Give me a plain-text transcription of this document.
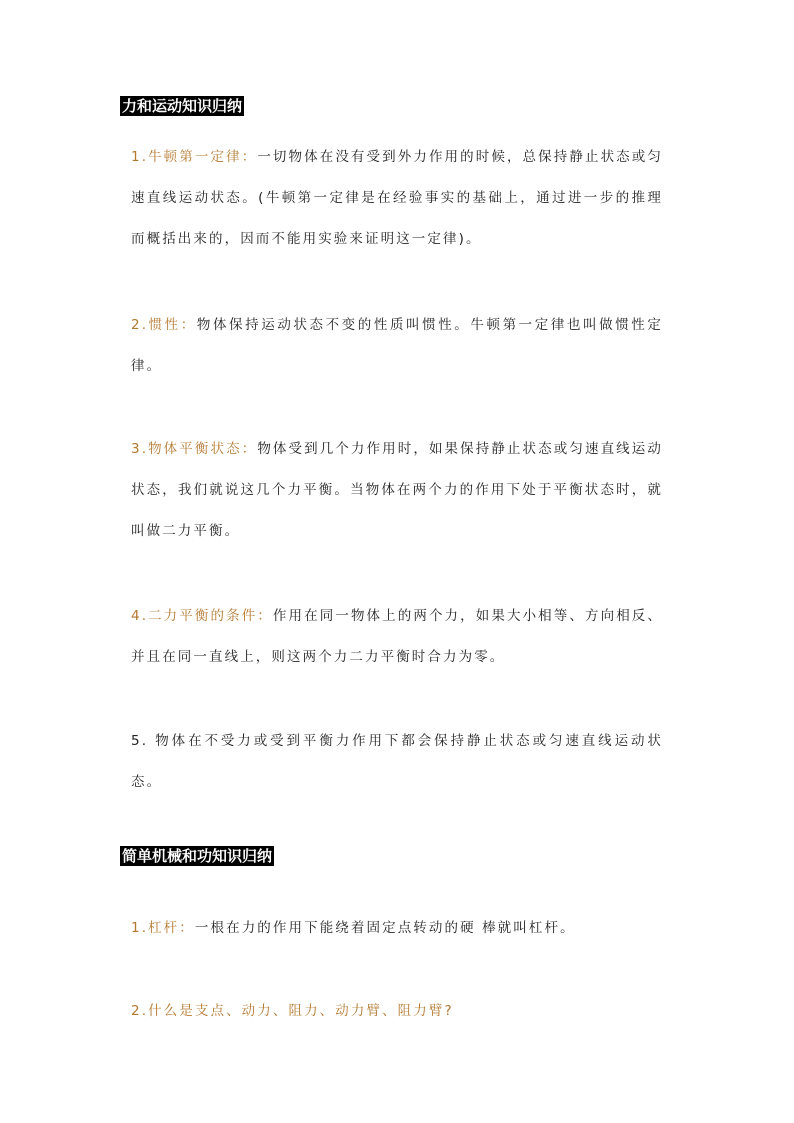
力和运动知识归纳
1.牛顿第一定律：一切物体在没有受到外力作用的时候，总保持静止状态或匀速直线运动状态。(牛顿第一定律是在经验事实的基础上，通过进一步的推理而概括出来的，因而不能用实验来证明这一定律)。
2.惯性：物体保持运动状态不变的性质叫惯性。牛顿第一定律也叫做惯性定律。
3.物体平衡状态：物体受到几个力作用时，如果保持静止状态或匀速直线运动状态，我们就说这几个力平衡。当物体在两个力的作用下处于平衡状态时，就叫做二力平衡。
4.二力平衡的条件：作用在同一物体上的两个力，如果大小相等、方向相反、并且在同一直线上，则这两个力二力平衡时合力为零。
5. 物体在不受力或受到平衡力作用下都会保持静止状态或匀速直线运动状态。
简单机械和功知识归纳
1.杠杆：一根在力的作用下能绕着固定点转动的硬 棒就叫杠杆。
2.什么是支点、动力、阻力、动力臂、阻力臂?
